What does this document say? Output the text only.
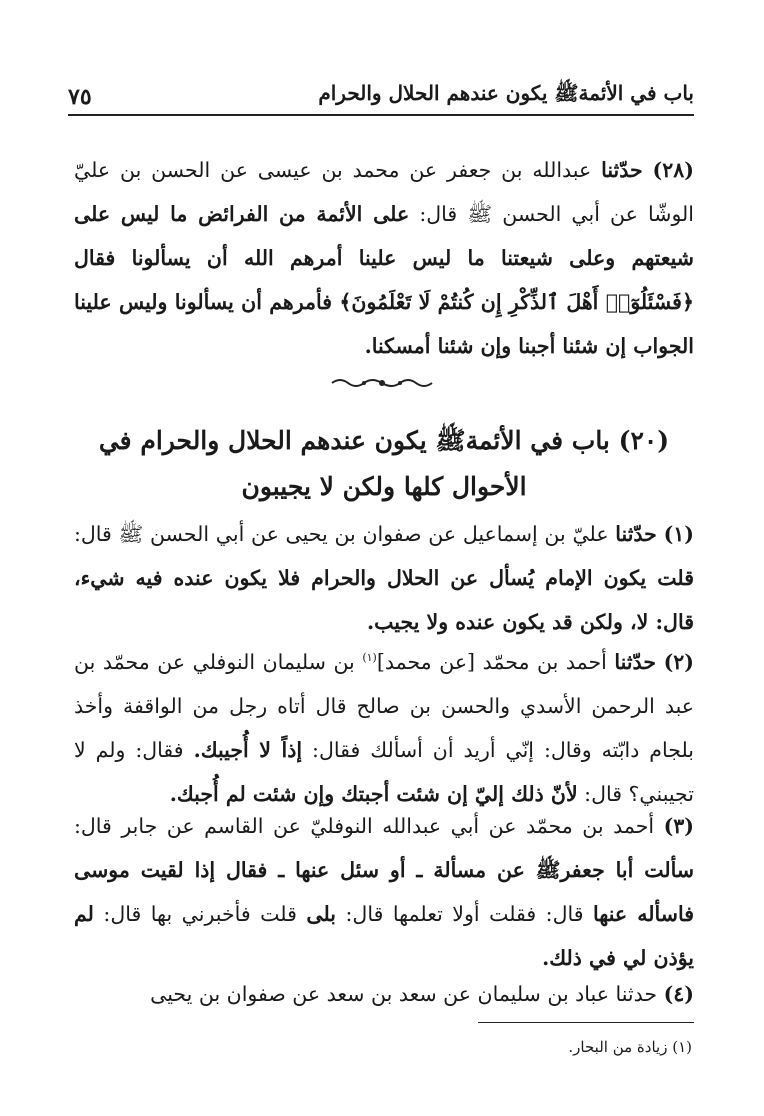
باب في الأئمةﷺ يكون عندهم الحلال والحرام
٧٥

(٢٨) حدّثنا عبدالله بن جعفر عن محمد بن عيسى عن الحسن بن عليّ الوشّا عن أبي الحسن ﷺ قال: على الأئمة من الفرائض ما ليس على شيعتهم وعلى شيعتنا ما ليس علينا أمرهم الله أن يسألونا فقال ﴿فَسْئَلُوٓا۟ أَهْلَ ٱلذِّكْرِ إِن كُنتُمْ لَا تَعْلَمُونَ﴾ فأمرهم أن يسألونا وليس علينا الجواب إن شئنا أجبنا وإن شئنا أمسكنا.

(٢٠) باب في الأئمةﷺ يكون عندهم الحلال والحرام في
الأحوال كلها ولكن لا يجيبون

(١) حدّثنا عليّ بن إسماعيل عن صفوان بن يحيى عن أبي الحسن ﷺ قال: قلت يكون الإمام يُسأل عن الحلال والحرام فلا يكون عنده فيه شيء، قال: لا، ولكن قد يكون عنده ولا يجيب.

(٢) حدّثنا أحمد بن محمّد [عن محمد]$^{(١)}$ بن سليمان النوفلي عن محمّد بن عبد الرحمن الأسدي والحسن بن صالح قال أتاه رجل من الواقفة وأخذ بلجام دابّته وقال: إنّي أريد أن أسألك فقال: إذاً لا أُجيبك. فقال: ولم لا تجيبني؟ قال: لأنّ ذلك إليّ إن شئت أجبتك وإن شئت لم أُجبك.

(٣) أحمد بن محمّد عن أبي عبدالله النوفليّ عن القاسم عن جابر قال: سألت أبا جعفرﷺ عن مسألة ـ أو سئل عنها ـ فقال إذا لقيت موسى فاسأله عنها قال: فقلت أولا تعلمها قال: بلى قلت فأخبرني بها قال: لم يؤذن لي في ذلك.

(٤) حدثنا عباد بن سليمان عن سعد بن سعد عن صفوان بن يحيى

(١) زيادة من البحار.
